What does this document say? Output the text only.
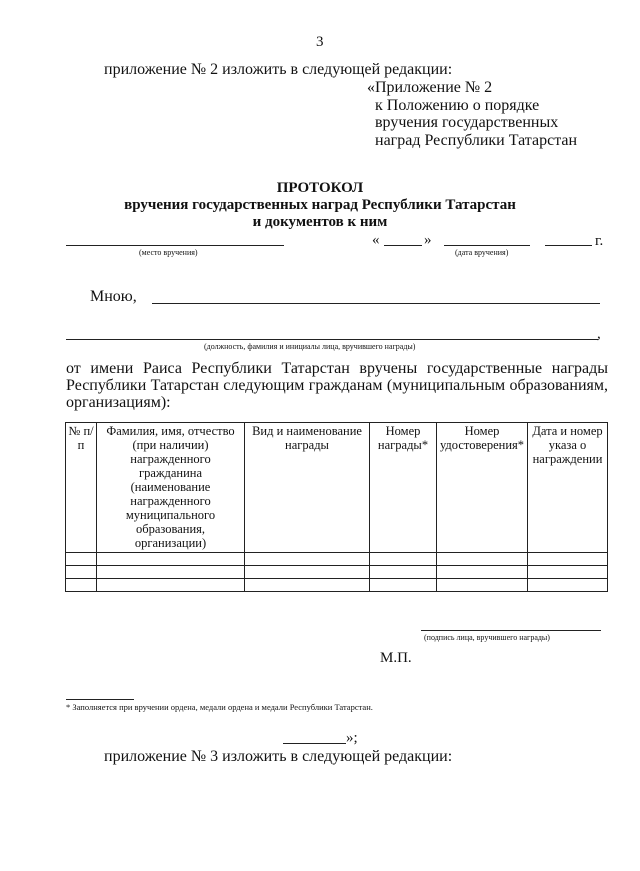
3
приложение № 2 изложить в следующей редакции:
«Приложение № 2
к Положению о порядке
вручения государственных
наград Республики Татарстан
ПРОТОКОЛ
вручения государственных наград Республики Татарстан
и документов к ним
«	»	г.
(место вручения)	(дата вручения)
Мною,
,
(должность, фамилия и инициалы лица, вручившего награды)
от имени Раиса Республики Татарстан вручены государственные награды Республики Татарстан следующим гражданам (муниципальным образованиям, организациям):
№ п/п	Фамилия, имя, отчество (при наличии) награжденного гражданина (наименование награжденного муниципального образования, организации)	Вид и наименование награды	Номер награды*	Номер удостоверения*	Дата и номер указа о награждении

(подпись лица, вручившего награды)
М.П.
* Заполняется при вручении ордена, медали ордена и медали Республики Татарстан.
»;
приложение № 3 изложить в следующей редакции:
